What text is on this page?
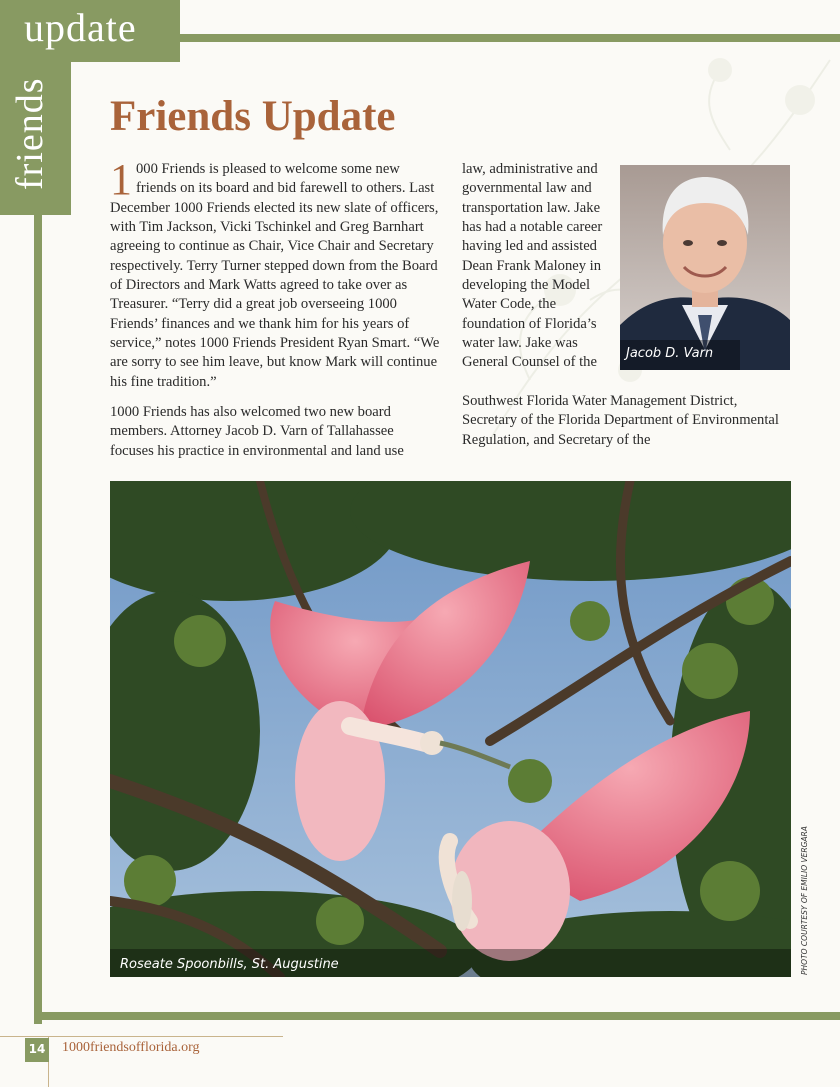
update
friends Friends Update

1 000 Friends is pleased to welcome some new friends on its board and bid farewell to others. Last December 1000 Friends elected its new slate of officers, with Tim Jackson, Vicki Tschinkel and Greg Barnhart agreeing to continue as Chair, Vice Chair and Secretary respectively. Terry Turner stepped down from the Board of Directors and Mark Watts agreed to take over as Treasurer. “Terry did a great job overseeing 1000 Friends’ finances and we thank him for his years of service,” notes 1000 Friends President Ryan Smart. “We are sorry to see him leave, but know Mark will continue his fine tradition.”

1000 Friends has also welcomed two new board members. Attorney Jacob D. Varn of Tallahassee focuses his practice in environmental and land use

law, administrative and governmental law and transportation law. Jake has had a notable career having led and assisted Dean Frank Maloney in developing the Model Water Code, the foundation of Florida’s water law. Jake was General Counsel of the

Southwest Florida Water Management District, Secretary of the Florida Department of Environmental Regulation, and Secretary of the

Jacob D. Varn
Roseate Spoonbills, St. Augustine	PHOTO COURTESY OF EMILIO VERGARA
14 1000friendsofflorida.org
